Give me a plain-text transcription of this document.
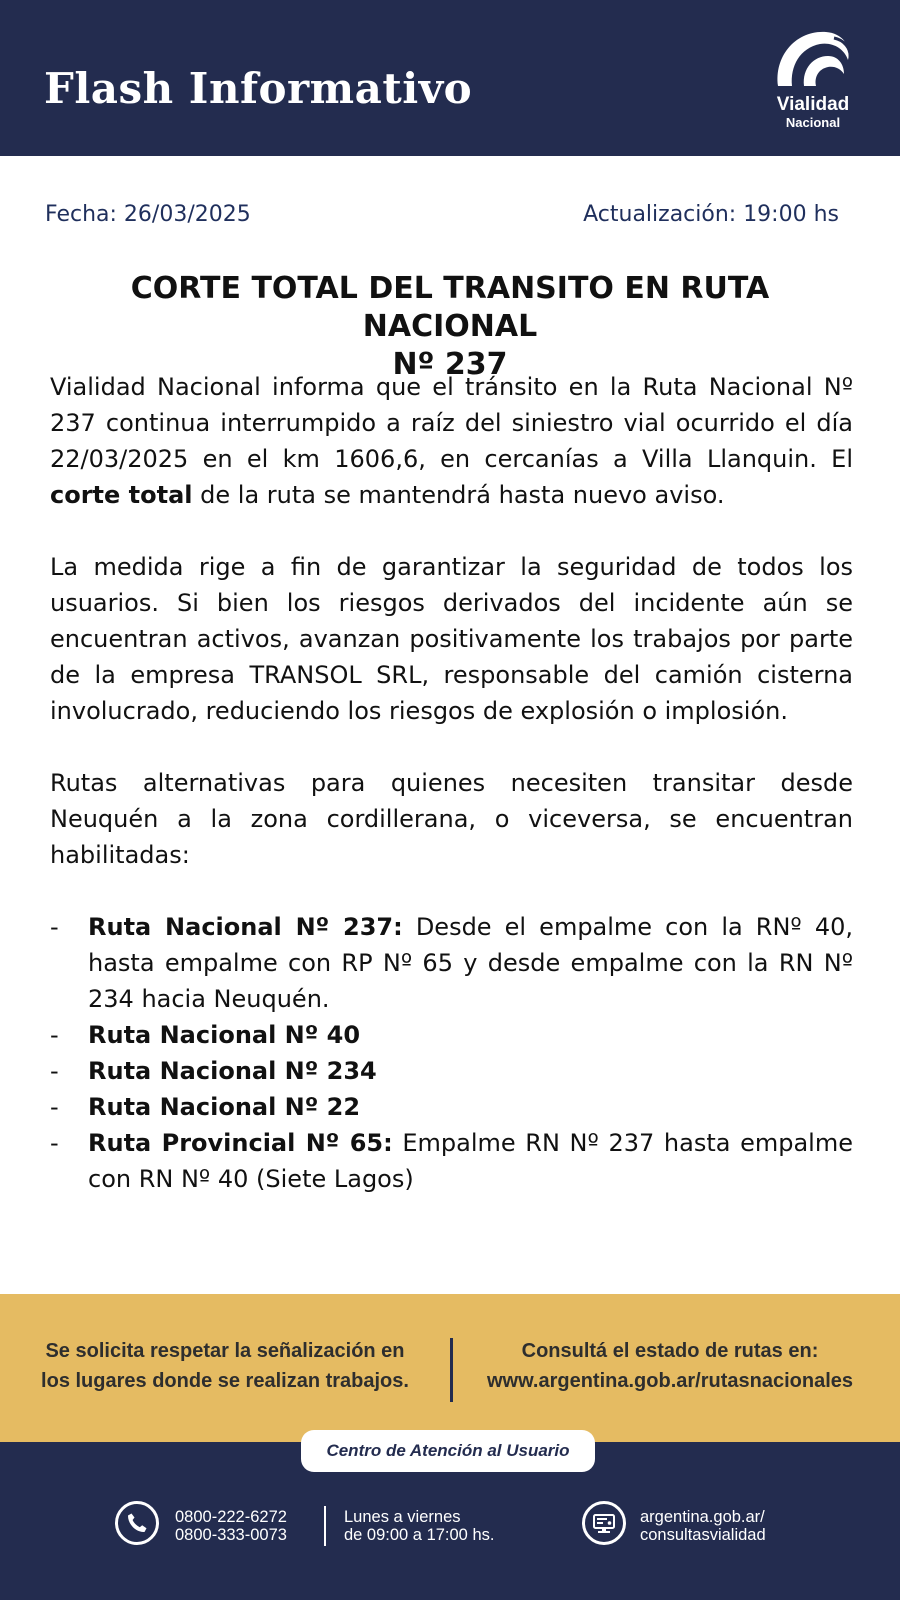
Flash Informativo	Vialidad
Nacional
Fecha: 26/03/2025	Actualización: 19:00 hs
CORTE TOTAL DEL TRANSITO EN RUTA NACIONAL
Nº 237

Vialidad Nacional informa que el tránsito en la Ruta Nacional Nº 237 continua interrumpido a raíz del siniestro vial ocurrido el día 22/03/2025 en el km 1606,6, en cercanías a Villa Llanquin. El corte total de la ruta se mantendrá hasta nuevo aviso.

La medida rige a fin de garantizar la seguridad de todos los usuarios. Si bien los riesgos derivados del incidente aún se encuentran activos, avanzan positivamente los trabajos por parte de la empresa TRANSOL SRL, responsable del camión cisterna involucrado, reduciendo los riesgos de explosión o implosión.

Rutas alternativas para quienes necesiten transitar desde Neuquén a la zona cordillerana, o viceversa, se encuentran habilitadas:

- Ruta Nacional Nº 237: Desde el empalme con la RNº 40, hasta empalme con RP Nº 65 y desde empalme con la RN Nº 234 hacia Neuquén.
- Ruta Nacional Nº 40
- Ruta Nacional Nº 234
- Ruta Nacional Nº 22
- Ruta Provincial Nº 65: Empalme RN Nº 237 hasta empalme con RN Nº 40 (Siete Lagos)
Se solicita respetar la señalización en
los lugares donde se realizan trabajos.
Consultá el estado de rutas en:
www.argentina.gob.ar/rutasnacionales
Centro de Atención al Usuario
0800-222-6272
0800-333-0073
Lunes a viernes
de 09:00 a 17:00 hs.
argentina.gob.ar/
consultasvialidad
